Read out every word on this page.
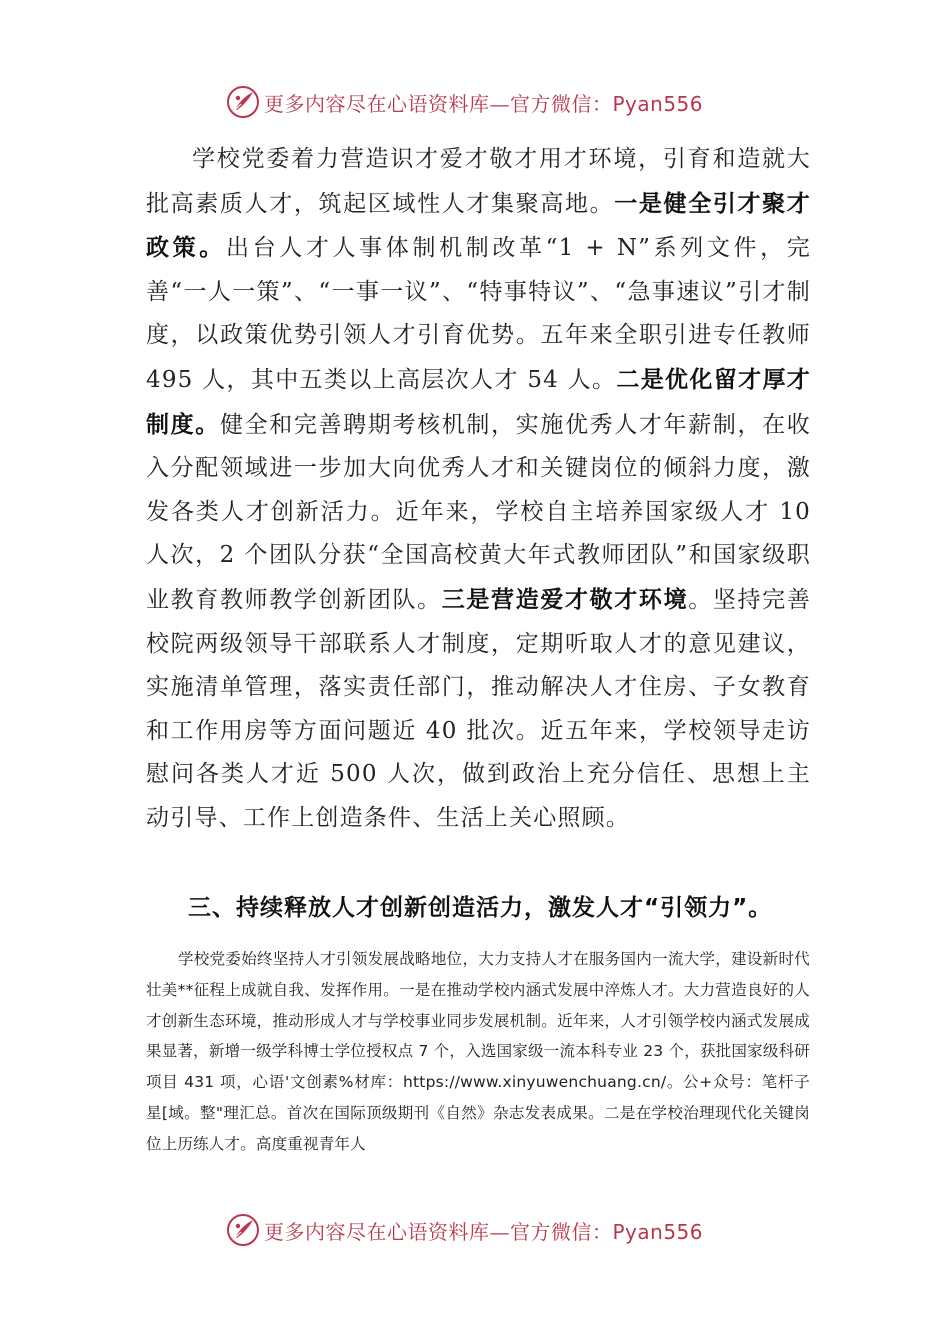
更多内容尽在心语资料库—官方微信：Pyan556
学校党委着力营造识才爱才敬才用才环境，引育和造就大批高素质人才，筑起区域性人才集聚高地。一是健全引才聚才政策。出台人才人事体制机制改革“1 + N”系列文件，完善“一人一策”、“一事一议”、“特事特议”、“急事速议”引才制度，以政策优势引领人才引育优势。五年来全职引进专任教师 495 人，其中五类以上高层次人才 54 人。二是优化留才厚才制度。健全和完善聘期考核机制，实施优秀人才年薪制，在收入分配领域进一步加大向优秀人才和关键岗位的倾斜力度，激发各类人才创新活力。近年来，学校自主培养国家级人才 10 人次，2 个团队分获“全国高校黄大年式教师团队”和国家级职业教育教师教学创新团队。三是营造爱才敬才环境。坚持完善校院两级领导干部联系人才制度，定期听取人才的意见建议，实施清单管理，落实责任部门，推动解决人才住房、子女教育和工作用房等方面问题近 40 批次。近五年来，学校领导走访慰问各类人才近 500 人次，做到政治上充分信任、思想上主动引导、工作上创造条件、生活上关心照顾。
三、持续释放人才创新创造活力，激发人才“引领力”。
学校党委始终坚持人才引领发展战略地位，大力支持人才在服务国内一流大学，建设新时代壮美**征程上成就自我、发挥作用。一是在推动学校内涵式发展中淬炼人才。大力营造良好的人才创新生态环境，推动形成人才与学校事业同步发展机制。近年来，人才引领学校内涵式发展成果显著，新增一级学科博士学位授权点 7 个，入选国家级一流本科专业 23 个，获批国家级科研项目 431 项，心语'文创素%材库：https://www.xinyuwenchuang.cn/。公+众号：笔杆子星[域。整"理汇总。首次在国际顶级期刊《自然》杂志发表成果。二是在学校治理现代化关键岗位上历练人才。高度重视青年人
更多内容尽在心语资料库—官方微信：Pyan556
